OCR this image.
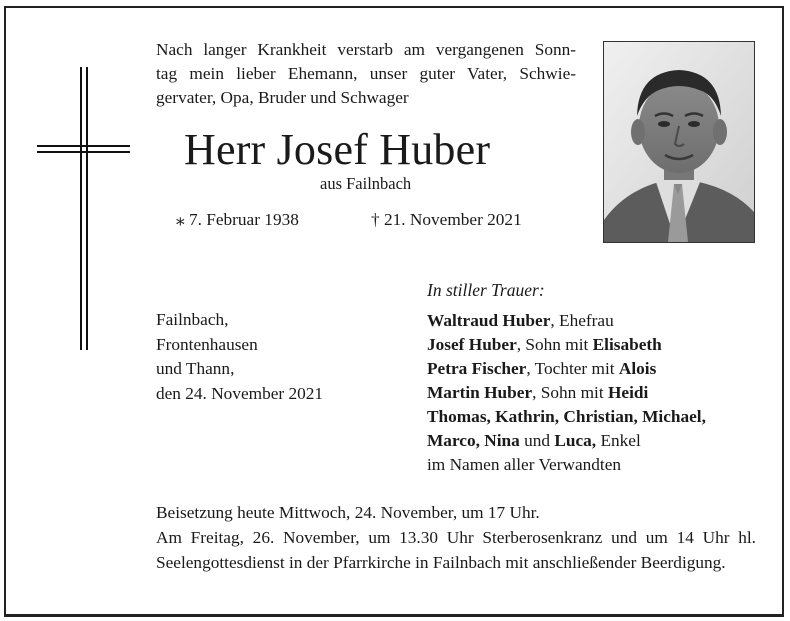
Nach langer Krankheit verstarb am vergangenen Sonn-
tag mein lieber Ehemann, unser guter Vater, Schwie-
gervater, Opa, Bruder und Schwager
Herr Josef Huber
aus Failnbach
⁎ 7. Februar 1938	† 21. November 2021
Failnbach,
Frontenhausen
und Thann,
den 24. November 2021
In stiller Trauer:
Waltraud Huber, Ehefrau
Josef Huber, Sohn mit Elisabeth
Petra Fischer, Tochter mit Alois
Martin Huber, Sohn mit Heidi
Thomas, Kathrin, Christian, Michael,
Marco, Nina und Luca, Enkel
im Namen aller Verwandten
Beisetzung heute Mittwoch, 24. November, um 17 Uhr.
Am Freitag, 26. November, um 13.30 Uhr Sterberosenkranz und um 14 Uhr hl. Seelengottesdienst in der Pfarrkirche in Failnbach mit anschließender Beerdigung.
